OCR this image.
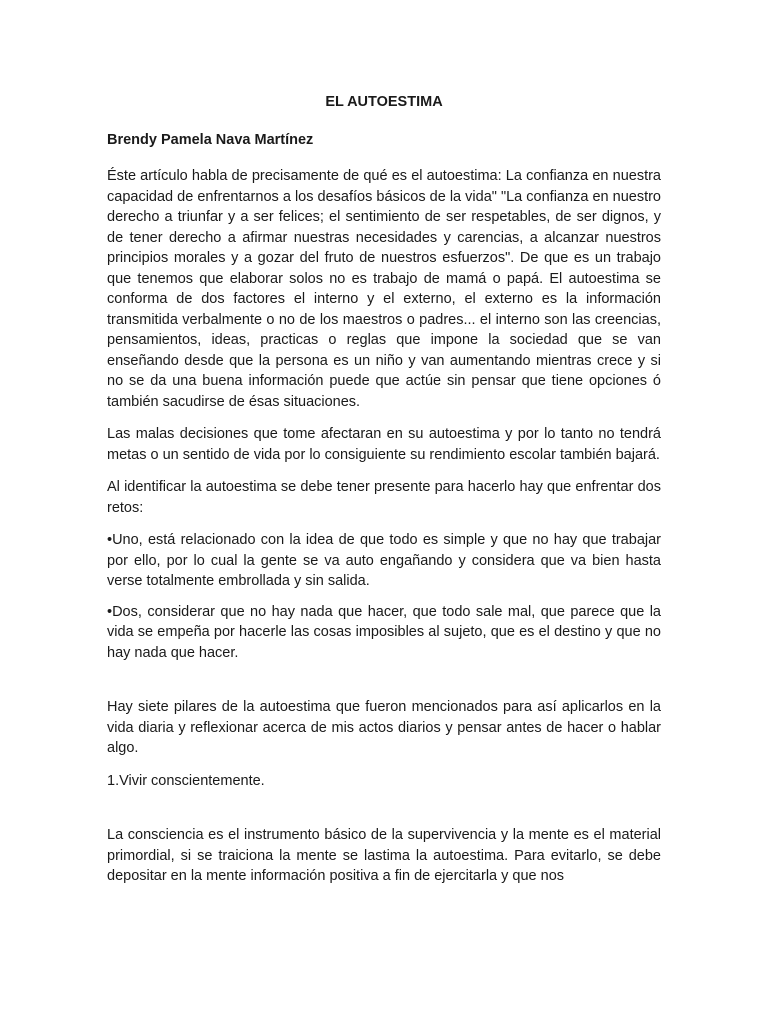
EL AUTOESTIMA
Brendy Pamela Nava Martínez

Éste artículo habla de precisamente de qué es el autoestima: La confianza en nuestra capacidad de enfrentarnos a los desafíos básicos de la vida" "La confianza en nuestro derecho a triunfar y a ser felices; el sentimiento de ser respetables, de ser dignos, y de tener derecho a afirmar nuestras necesidades y carencias, a alcanzar nuestros principios morales y a gozar del fruto de nuestros esfuerzos". De que es un trabajo que tenemos que elaborar solos no es trabajo de mamá o papá. El autoestima se conforma de dos factores el interno y el externo, el externo es la información transmitida verbalmente o no de los maestros o padres... el interno son las creencias, pensamientos, ideas, practicas o reglas que impone la sociedad que se van enseñando desde que la persona es un niño y van aumentando mientras crece y si no se da una buena información puede que actúe sin pensar que tiene opciones ó también sacudirse de ésas situaciones.

Las malas decisiones que tome afectaran en su autoestima y por lo tanto no tendrá metas o un sentido de vida por lo consiguiente su rendimiento escolar también bajará.

Al identificar la autoestima se debe tener presente para hacerlo hay que enfrentar dos retos:

•Uno, está relacionado con la idea de que todo es simple y que no hay que trabajar por ello, por lo cual la gente se va auto engañando y considera que va bien hasta verse totalmente embrollada y sin salida.

•Dos, considerar que no hay nada que hacer, que todo sale mal, que parece que la vida se empeña por hacerle las cosas imposibles al sujeto, que es el destino y que no hay nada que hacer.

Hay siete pilares de la autoestima que fueron mencionados para así aplicarlos en la vida diaria y reflexionar acerca de mis actos diarios y pensar antes de hacer o hablar algo.

1.Vivir conscientemente.

La consciencia es el instrumento básico de la supervivencia y la mente es el material primordial, si se traiciona la mente se lastima la autoestima. Para evitarlo, se debe depositar en la mente información positiva a fin de ejercitarla y que nos
